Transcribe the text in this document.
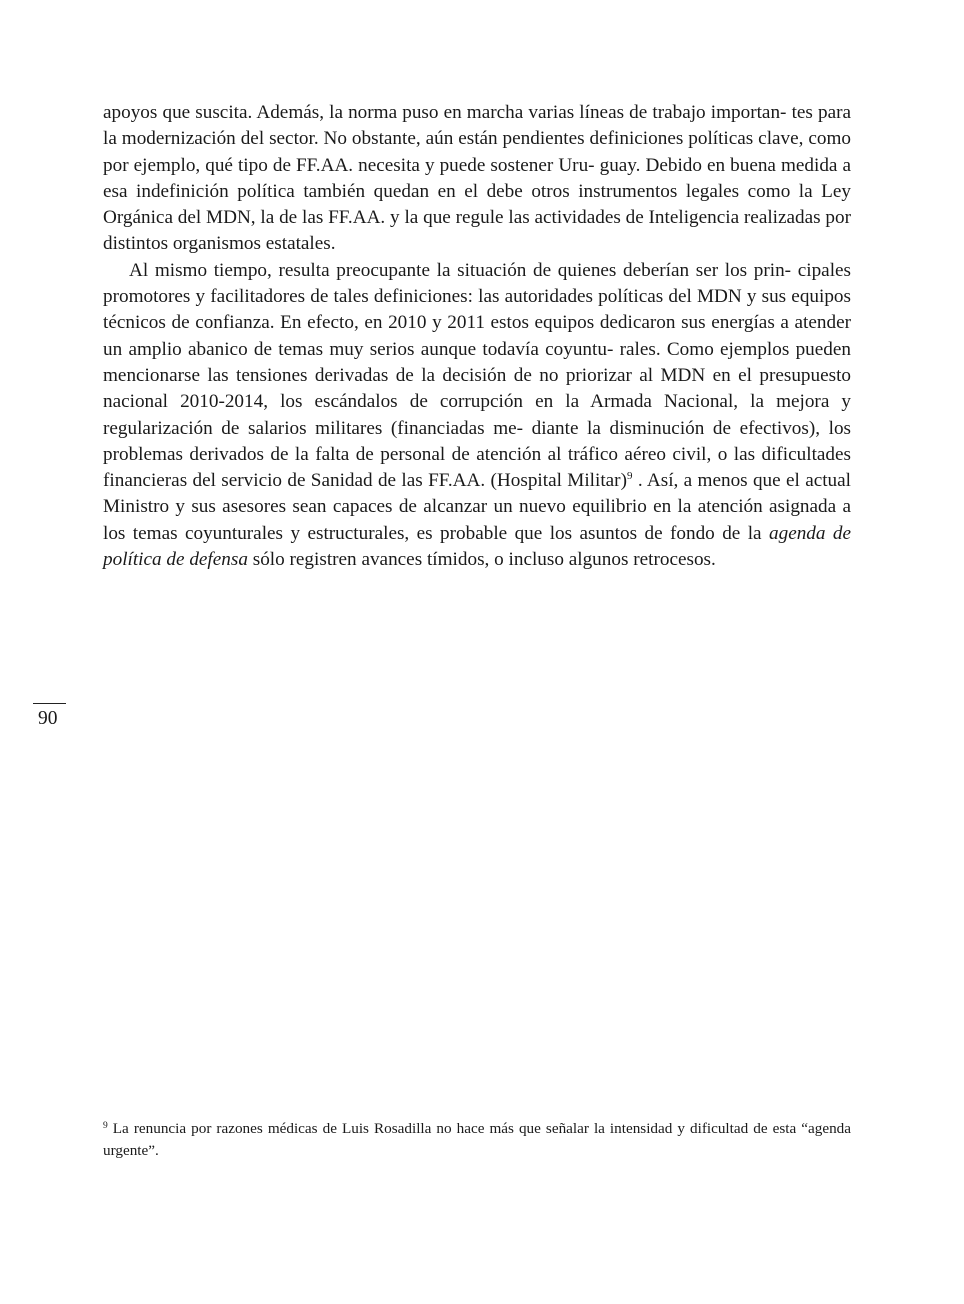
apoyos que suscita. Además, la norma puso en marcha varias líneas de trabajo importan- tes para la modernización del sector. No obstante, aún están pendientes definiciones políticas clave, como por ejemplo, qué tipo de FF.AA. necesita y puede sostener Uru- guay. Debido en buena medida a esa indefinición política también quedan en el debe otros instrumentos legales como la Ley Orgánica del MDN, la de las FF.AA. y la que regule las actividades de Inteligencia realizadas por distintos organismos estatales.

Al mismo tiempo, resulta preocupante la situación de quienes deberían ser los prin- cipales promotores y facilitadores de tales definiciones: las autoridades políticas del MDN y sus equipos técnicos de confianza. En efecto, en 2010 y 2011 estos equipos dedicaron sus energías a atender un amplio abanico de temas muy serios aunque todavía coyuntu- rales. Como ejemplos pueden mencionarse las tensiones derivadas de la decisión de no priorizar al MDN en el presupuesto nacional 2010-2014, los escándalos de corrupción en la Armada Nacional, la mejora y regularización de salarios militares (financiadas me- diante la disminución de efectivos), los problemas derivados de la falta de personal de atención al tráfico aéreo civil, o las dificultades financieras del servicio de Sanidad de las FF.AA. (Hospital Militar)$^9$ . Así, a menos que el actual Ministro y sus asesores sean capaces de alcanzar un nuevo equilibrio en la atención asignada a los temas coyunturales y estructurales, es probable que los asuntos de fondo de la agenda de política de defensa sólo registren avances tímidos, o incluso algunos retrocesos.

90

$^9$ La renuncia por razones médicas de Luis Rosadilla no hace más que señalar la intensidad y dificultad de esta “agenda urgente”.
